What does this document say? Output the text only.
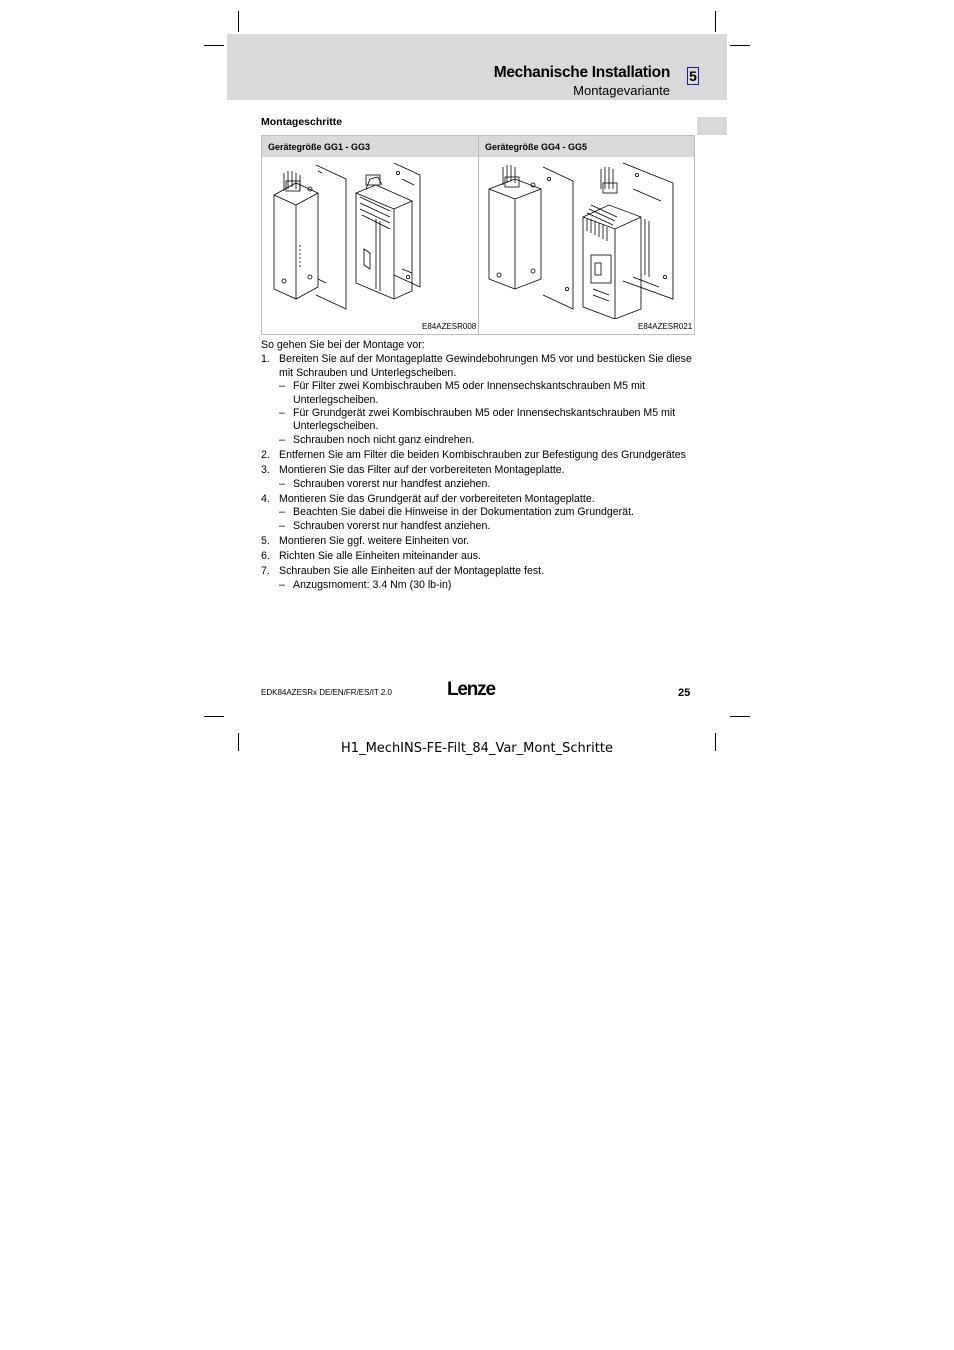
Mechanische Installation
Montagevariante
5
Montageschritte
Gerätegröße GG1 - GG3	Gerätegröße GG4 - GG5
E84AZESR008	E84AZESR021
So gehen Sie bei der Montage vor:
1. Bereiten Sie auf der Montageplatte Gewindebohrungen M5 vor und bestücken Sie diese mit Schrauben und Unterlegscheiben.
– Für Filter zwei Kombischrauben M5 oder Innensechskantschrauben M5 mit Unterlegscheiben.
– Für Grundgerät zwei Kombischrauben M5 oder Innensechskantschrauben M5 mit Unterlegscheiben.
– Schrauben noch nicht ganz eindrehen.
2. Entfernen Sie am Filter die beiden Kombischrauben zur Befestigung des Grundgerätes
3. Montieren Sie das Filter auf der vorbereiteten Montageplatte.
– Schrauben vorerst nur handfest anziehen.
4. Montieren Sie das Grundgerät auf der vorbereiteten Montageplatte.
– Beachten Sie dabei die Hinweise in der Dokumentation zum Grundgerät.
– Schrauben vorerst nur handfest anziehen.
5. Montieren Sie ggf. weitere Einheiten vor.
6. Richten Sie alle Einheiten miteinander aus.
7. Schrauben Sie alle Einheiten auf der Montageplatte fest.
– Anzugsmoment: 3.4 Nm (30 lb-in)
EDK84AZESRx DE/EN/FR/ES/IT 2.0	Lenze	25
H1_MechINS-FE-Filt_84_Var_Mont_Schritte
